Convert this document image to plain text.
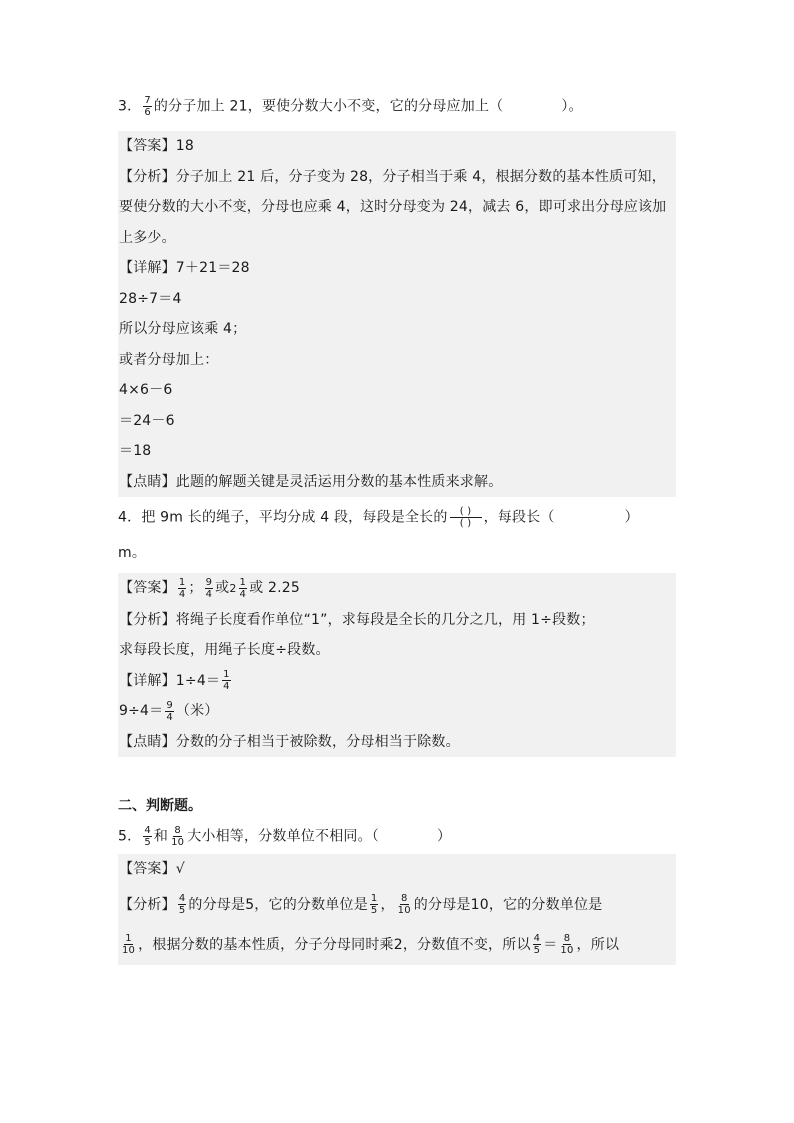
3． $\frac{7}{6}$ 的分子加上 21，要使分数大小不变，它的分母应加上（	）。
【答案】18
【分析】分子加上 21 后，分子变为 28，分子相当于乘 4，根据分数的基本性质可知，要使分数的大小不变，分母也应乘 4，这时分母变为 24，减去 6，即可求出分母应该加上多少。
【详解】7＋21＝28
28÷7＝4
所以分母应该乘 4；
或者分母加上：
4×6－6
＝24－6
＝18
【点睛】此题的解题关键是灵活运用分数的基本性质来求解。
4．把 9m 长的绳子，平均分成 4 段，每段是全长的 $\frac{( )}{( )}$ ，每段长（	）
m。
【答案】 $\frac{1}{4}$ ； $\frac{9}{4}$ 或$2 \frac{1}{4}$ 或 2.25
【分析】将绳子长度看作单位“1”，求每段是全长的几分之几，用 1÷段数；
求每段长度，用绳子长度÷段数。
【详解】$1\div 4= \frac{1}{4}$
$9\div 4= \frac{9}{4}$ （米）
【点睛】分数的分子相当于被除数，分母相当于除数。
二、判断题。
5． $\frac{4}{5}$ 和 $\frac{8}{10}$ 大小相等，分数单位不相同。（	）
【答案】√
【分析】 $\frac{4}{5}$ 的分母是5，它的分数单位是 $\frac{1}{5}$ ， $\frac{8}{10}$ 的分母是10，它的分数单位是
$\frac{1}{10}$ ，根据分数的基本性质，分子分母同时乘2，分数值不变，所以 $\frac{4}{5} = \frac{8}{10}$ ，所以
